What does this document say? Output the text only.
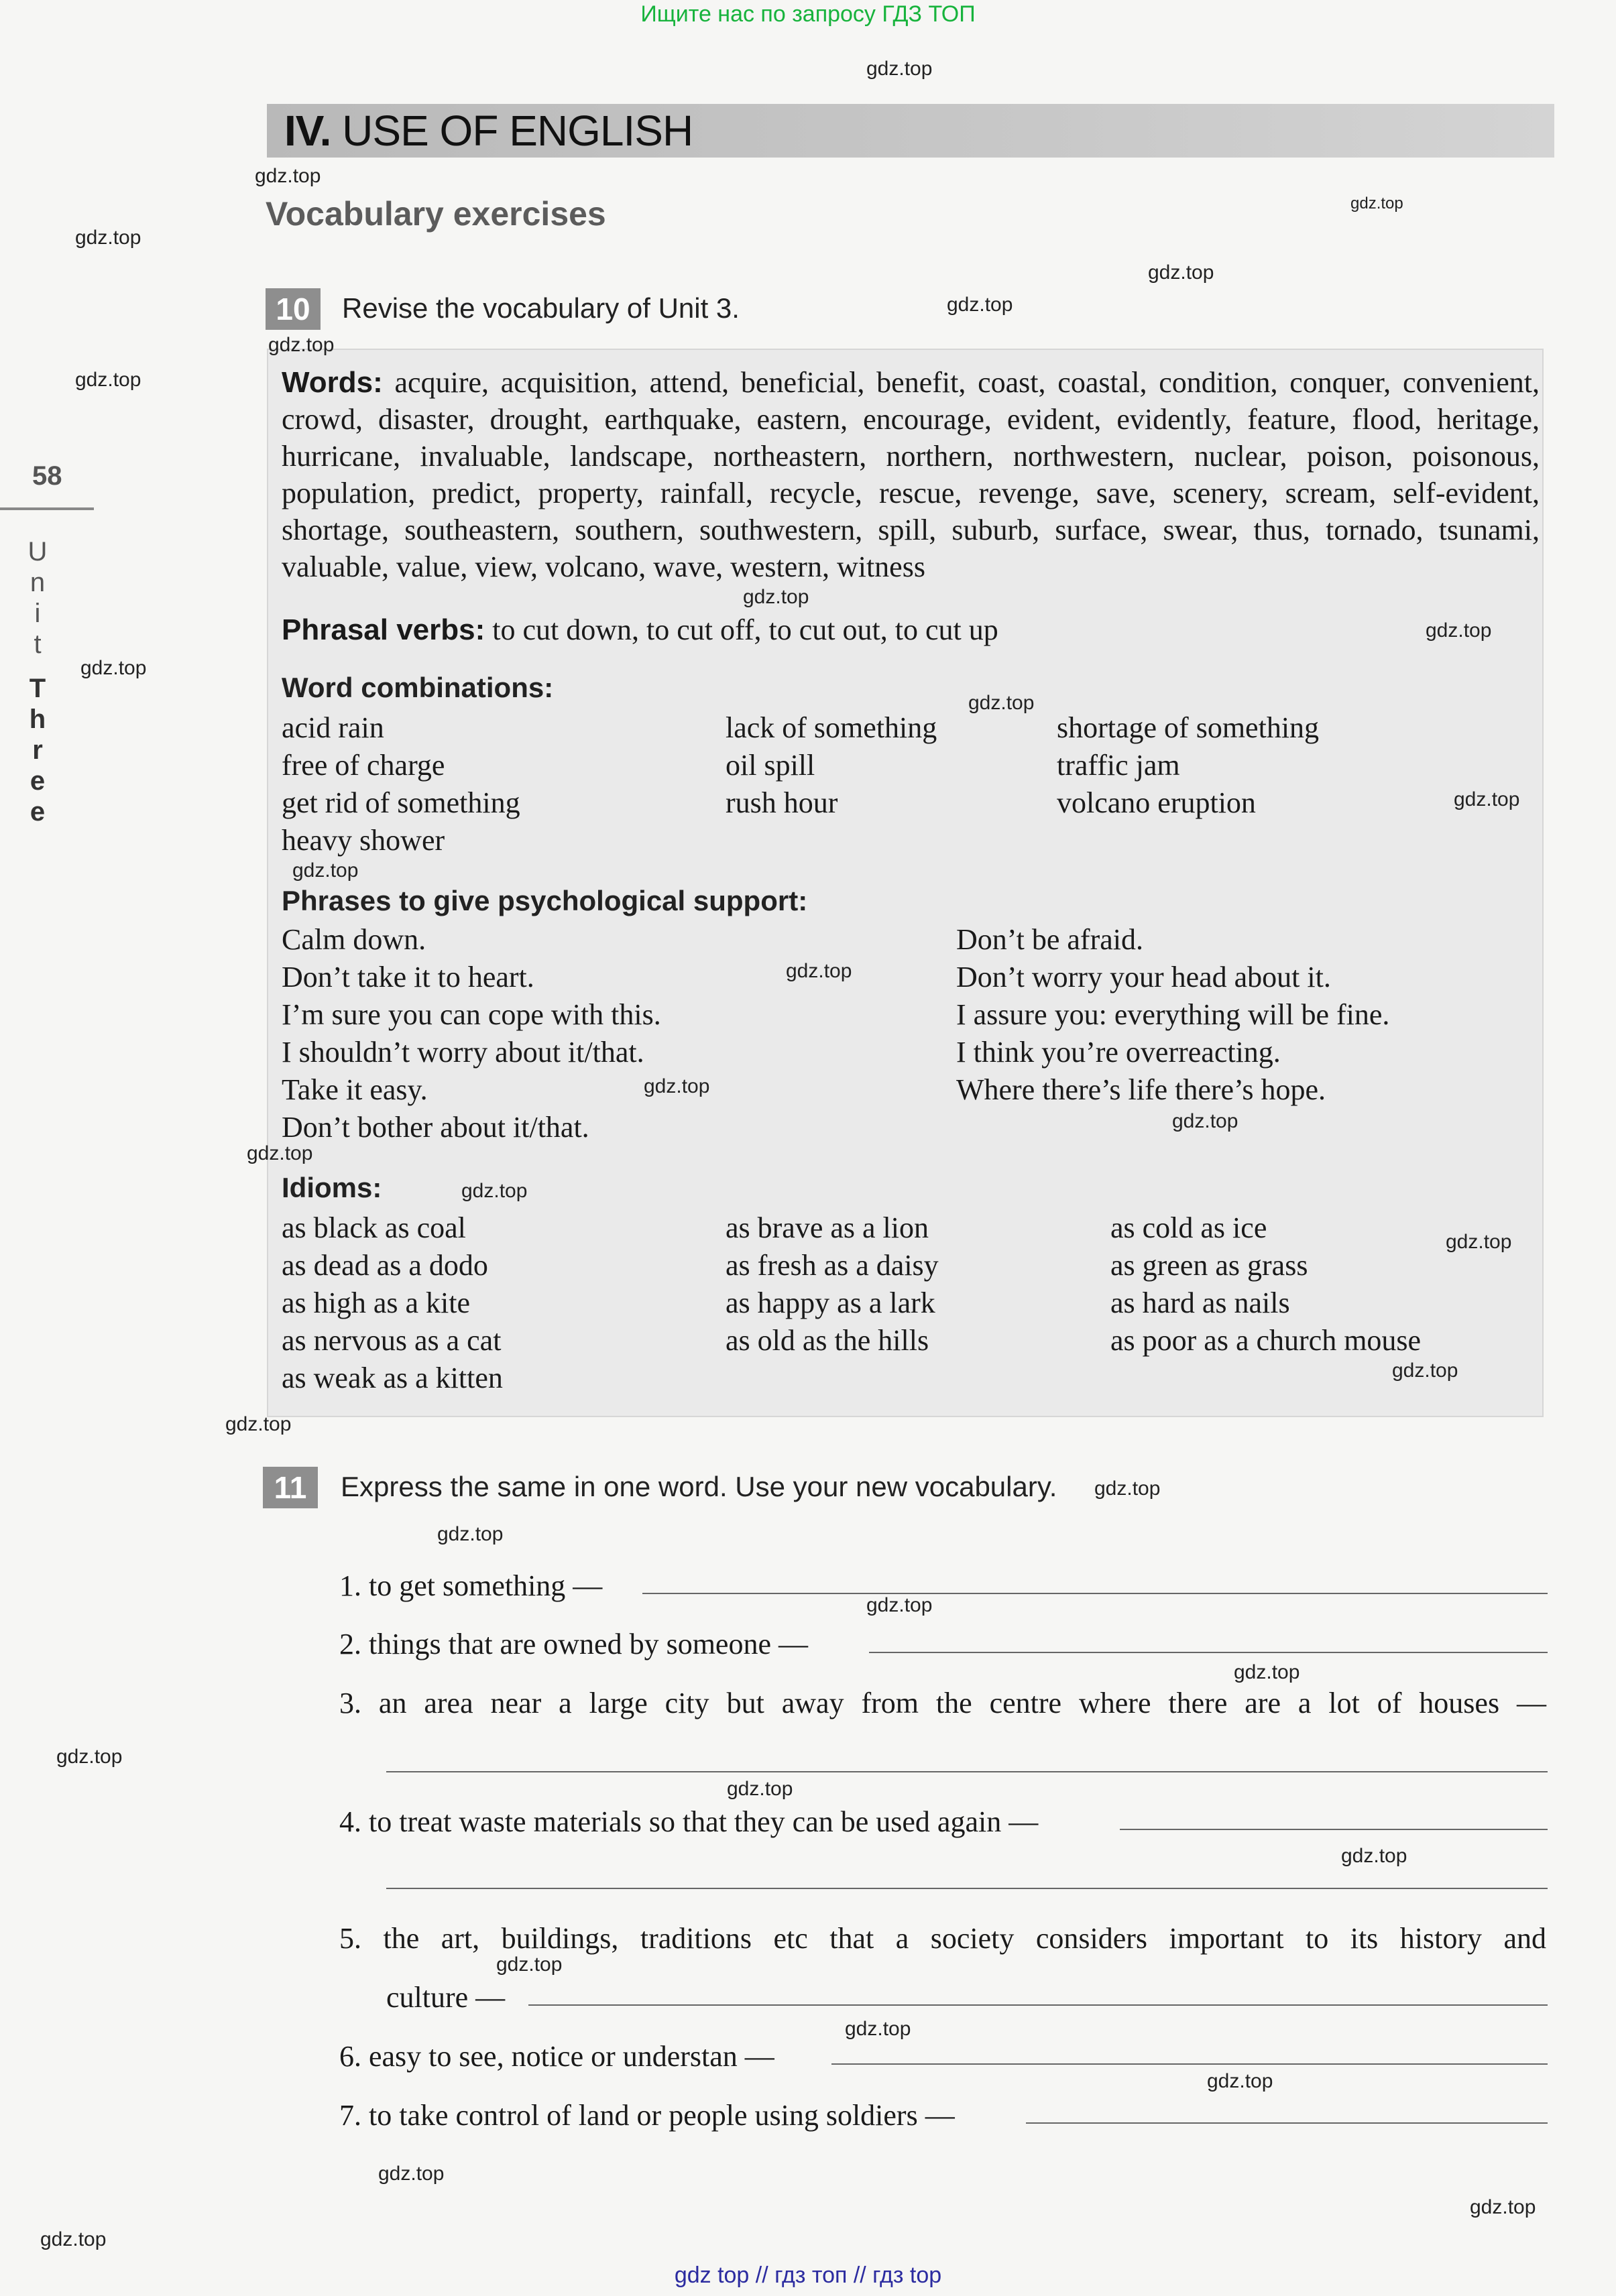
Ищите нас по запросу ГДЗ ТОП
IV. USE OF ENGLISH
Vocabulary exercises
58
U
n
i
t
T
h
r
e
e
10	Revise the vocabulary of Unit 3.
Words: acquire, acquisition, attend, beneficial, benefit, coast, coastal, condition, conquer, convenient, crowd, disaster, drought, earthquake, eastern, encourage, evident, evidently, feature, flood, heritage, hurricane, invaluable, landscape, northeastern, northern, northwestern, nuclear, poison, poisonous, population, predict, property, rainfall, recycle, rescue, revenge, save, scenery, scream, self-evident, shortage, southeastern, southern, southwestern, spill, suburb, surface, swear, thus, tornado, tsunami, valuable, value, view, volcano, wave, western, witness
Phrasal verbs: to cut down, to cut off, to cut out, to cut up
Word combinations:
acid rain
free of charge
get rid of something
heavy shower
lack of something
oil spill
rush hour
shortage of something
traffic jam
volcano eruption
Phrases to give psychological support:
Calm down.
Don’t take it to heart.
I’m sure you can cope with this.
I shouldn’t worry about it/that.
Take it easy.
Don’t bother about it/that.
Don’t be afraid.
Don’t worry your head about it.
I assure you: everything will be fine.
I think you’re overreacting.
Where there’s life there’s hope.
Idioms:
as black as coal
as dead as a dodo
as high as a kite
as nervous as a cat
as weak as a kitten
as brave as a lion
as fresh as a daisy
as happy as a lark
as old as the hills
as cold as ice
as green as grass
as hard as nails
as poor as a church mouse
11	Express the same in one word. Use your new vocabulary.
1. to get something —
2. things that are owned by someone —
3. an area near a large city but away from the centre where there are a lot of houses —
4. to treat waste materials so that they can be used again —
5. the art, buildings, traditions etc that a society considers important to its history and
culture —
6. easy to see, notice or understan —
7. to take control of land or people using soldiers —
gdz.top
gdz.top
gdz.top
gdz.top
gdz.top
gdz.top
gdz.top
gdz.top
gdz.top
gdz.top
gdz.top
gdz.top
gdz.top
gdz.top
gdz.top
gdz.top
gdz.top
gdz.top
gdz.top
gdz.top
gdz.top
gdz.top
gdz.top
gdz.top
gdz.top
gdz.top
gdz.top
gdz.top
gdz.top
gdz.top
gdz.top
gdz.top
gdz.top
gdz.top
gdz.top
gdz top // гдз топ // гдз top
